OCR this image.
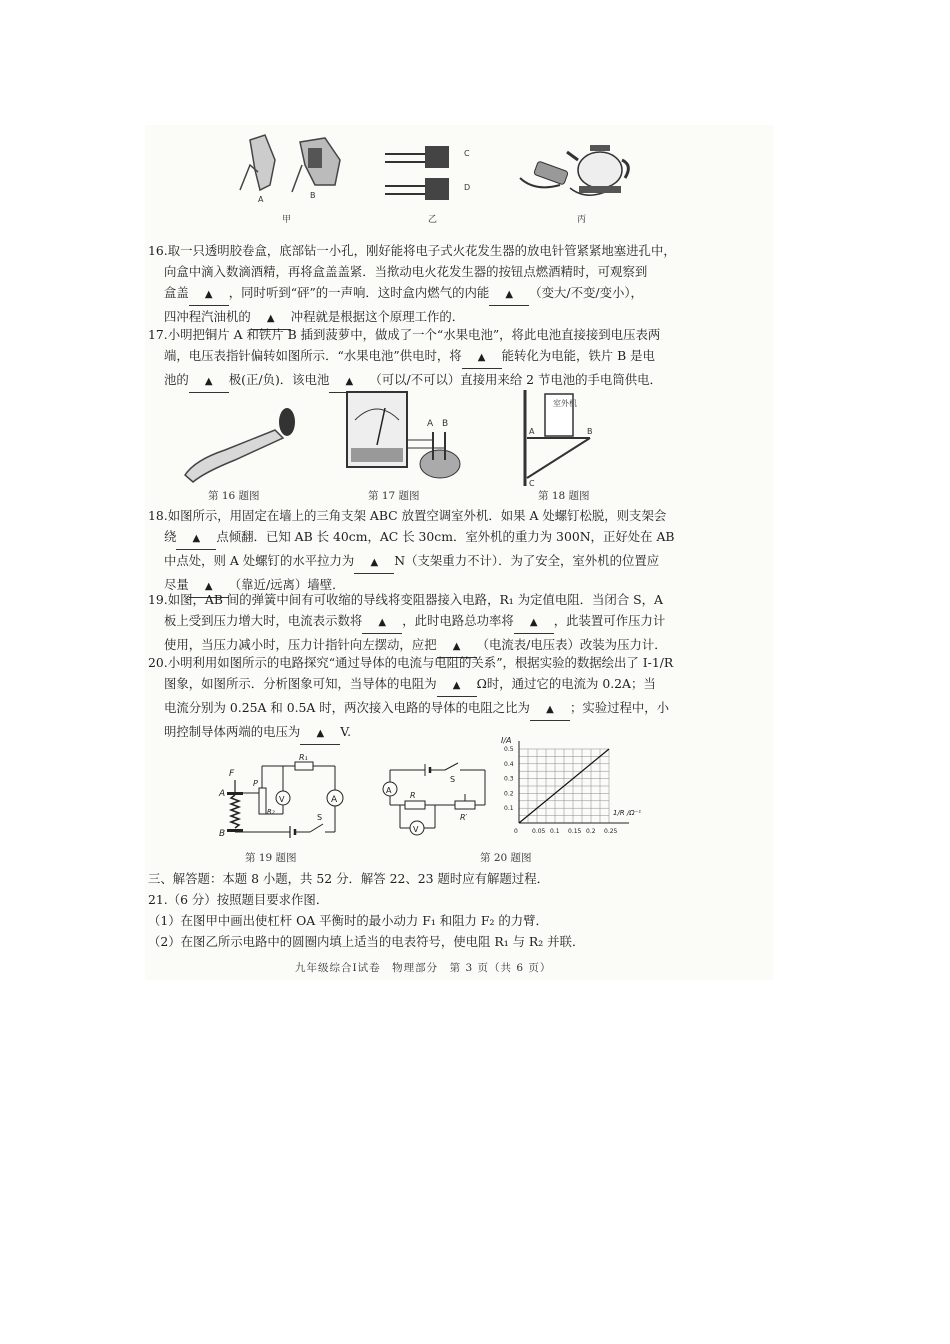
A	B
甲
C
D
乙	丙
16.取一只透明胶卷盒，底部钻一小孔，刚好能将电子式火花发生器的放电针管紧紧地塞进孔中，

向盒中滴入数滴酒精，再将盒盖盖紧．当揿动电火花发生器的按钮点燃酒精时，可观察到
盒盖 ▲ ，同时听到“砰”的一声响．这时盒内燃气的内能 ▲ （变大/不变/变小），
四冲程汽油机的 ▲ 冲程就是根据这个原理工作的．
17.小明把铜片 A 和铁片 B 插到菠萝中，做成了一个“水果电池”，将此电池直接接到电压表两

端，电压表指针偏转如图所示．“水果电池”供电时，将 ▲ 能转化为电能，铁片 B 是电
池的 ▲ 极(正/负)．该电池 ▲ （可以/不可以）直接用来给 2 节电池的手电筒供电．
第 16 题图
A B
第 17 题图
室外机
A	B
C
第 18 题图
18.如图所示，用固定在墙上的三角支架 ABC 放置空调室外机．如果 A 处螺钉松脱，则支架会

绕 ▲ 点倾翻．已知 AB 长 40cm，AC 长 30cm．室外机的重力为 300N，正好处在 AB
中点处，则 A 处螺钉的水平拉力为 ▲ N（支架重力不计）．为了安全，室外机的位置应
尽量 ▲ （靠近/远离）墙壁．
19.如图，AB 间的弹簧中间有可收缩的导线将变阻器接入电路，R₁ 为定值电阻．当闭合 S，A

板上受到压力增大时，电流表示数将 ▲ ，此时电路总功率将 ▲ ，此装置可作压力计
使用，当压力减小时，压力计指针向左摆动，应把 ▲ （电流表/电压表）改装为压力计．
20.小明利用如图所示的电路探究“通过导体的电流与电阻的关系”，根据实验的数据绘出了 I-1/R

图象，如图所示．分析图象可知，当导体的电阻为 ▲ Ω时，通过它的电流为 0.2A；当
电流分别为 0.25A 和 0.5A 时，两次接入电路的导体的电阻之比为 ▲ ；实验过程中，小
明控制导体两端的电压为 ▲ V.
F
A
B
P
R₂
R₁
A
V
S
第 19 题图
S
A
R
R′
V	0 0.05 0.1 0.15 0.2 0.25
0.1
0.2
0.3
0.4
0.5
I/A
1/R /Ω⁻¹
第 20 题图
三、解答题：本题 8 小题，共 52 分．解答 22、23 题时应有解题过程．
21.（6 分）按照题目要求作图．
（1）在图甲中画出使杠杆 OA 平衡时的最小动力 F₁ 和阻力 F₂ 的力臂．
（2）在图乙所示电路中的圆圈内填上适当的电表符号，使电阻 R₁ 与 R₂ 并联．
九年级综合Ⅰ试卷　物理部分　第 3 页（共 6 页）
